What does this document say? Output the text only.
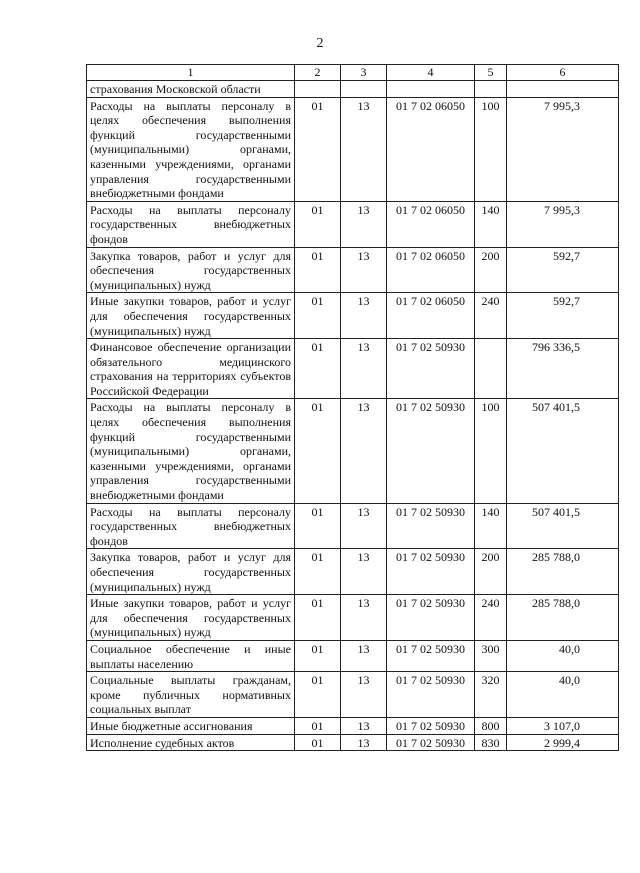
2
1	2	3	4	5	6
страхования Московской области					
Расходы на выплаты персоналу в целях обеспечения выполнения функций государственными (муниципальными) органами, казенными учреждениями, органами управления государственными внебюджетными фондами	01	13	01 7 02 06050	100	7 995,3
Расходы на выплаты персоналу государственных внебюджетных фондов	01	13	01 7 02 06050	140	7 995,3
Закупка товаров, работ и услуг для обеспечения государственных (муниципальных) нужд	01	13	01 7 02 06050	200	592,7
Иные закупки товаров, работ и услуг для обеспечения государственных (муниципальных) нужд	01	13	01 7 02 06050	240	592,7
Финансовое обеспечение организации обязательного медицинского страхования на территориях субъектов Российской Федерации	01	13	01 7 02 50930		796 336,5
Расходы на выплаты персоналу в целях обеспечения выполнения функций государственными (муниципальными) органами, казенными учреждениями, органами управления государственными внебюджетными фондами	01	13	01 7 02 50930	100	507 401,5
Расходы на выплаты персоналу государственных внебюджетных фондов	01	13	01 7 02 50930	140	507 401,5
Закупка товаров, работ и услуг для обеспечения государственных (муниципальных) нужд	01	13	01 7 02 50930	200	285 788,0
Иные закупки товаров, работ и услуг для обеспечения государственных (муниципальных) нужд	01	13	01 7 02 50930	240	285 788,0
Социальное обеспечение и иные выплаты населению	01	13	01 7 02 50930	300	40,0
Социальные выплаты гражданам, кроме публичных нормативных социальных выплат	01	13	01 7 02 50930	320	40,0
Иные бюджетные ассигнования	01	13	01 7 02 50930	800	3 107,0
Исполнение судебных актов	01	13	01 7 02 50930	830	2 999,4
